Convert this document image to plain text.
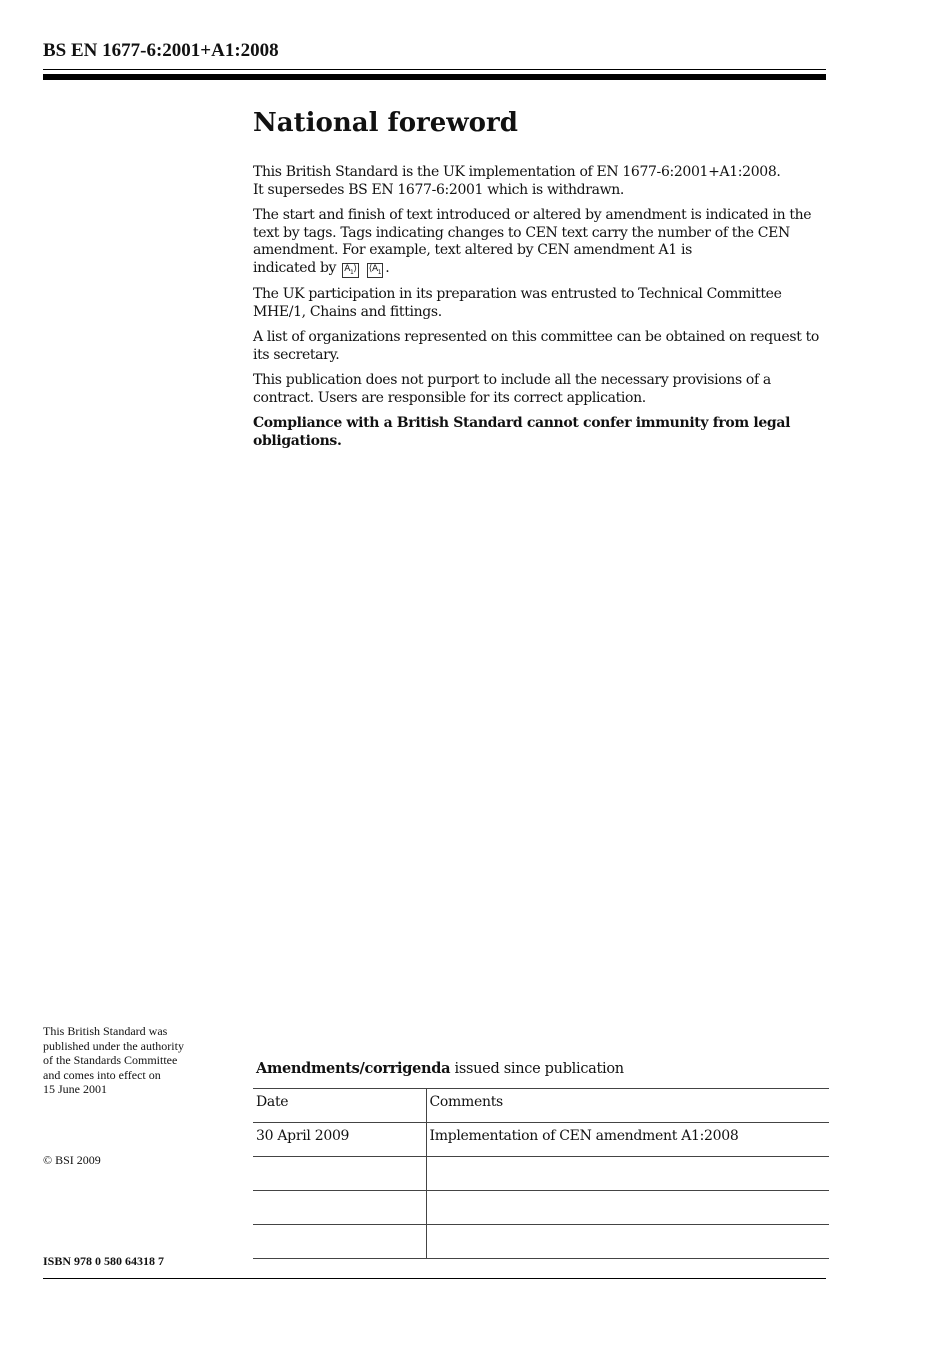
BS EN 1677-6:2001+A1:2008
National foreword

This British Standard is the UK implementation of EN 1677-6:2001+A1:2008.
It supersedes BS EN 1677-6:2001 which is withdrawn.

The start and finish of text introduced or altered by amendment is indicated in the text by tags. Tags indicating changes to CEN text carry the number of the CEN amendment. For example, text altered by CEN amendment A1 is
indicated by $A_1⟩$ $⟨A_1$ .

The UK participation in its preparation was entrusted to Technical Committee MHE/1, Chains and fittings.

A list of organizations represented on this committee can be obtained on request to its secretary.

This publication does not purport to include all the necessary provisions of a contract. Users are responsible for its correct application.

Compliance with a British Standard cannot confer immunity from legal obligations.

This British Standard was
published under the authority
of the Standards Committee
and comes into effect on
15 June 2001
© BSI 2009
ISBN 978 0 580 64318 7
Amendments/corrigenda issued since publication
Date	Comments
30 April 2009	Implementation of CEN amendment A1:2008
